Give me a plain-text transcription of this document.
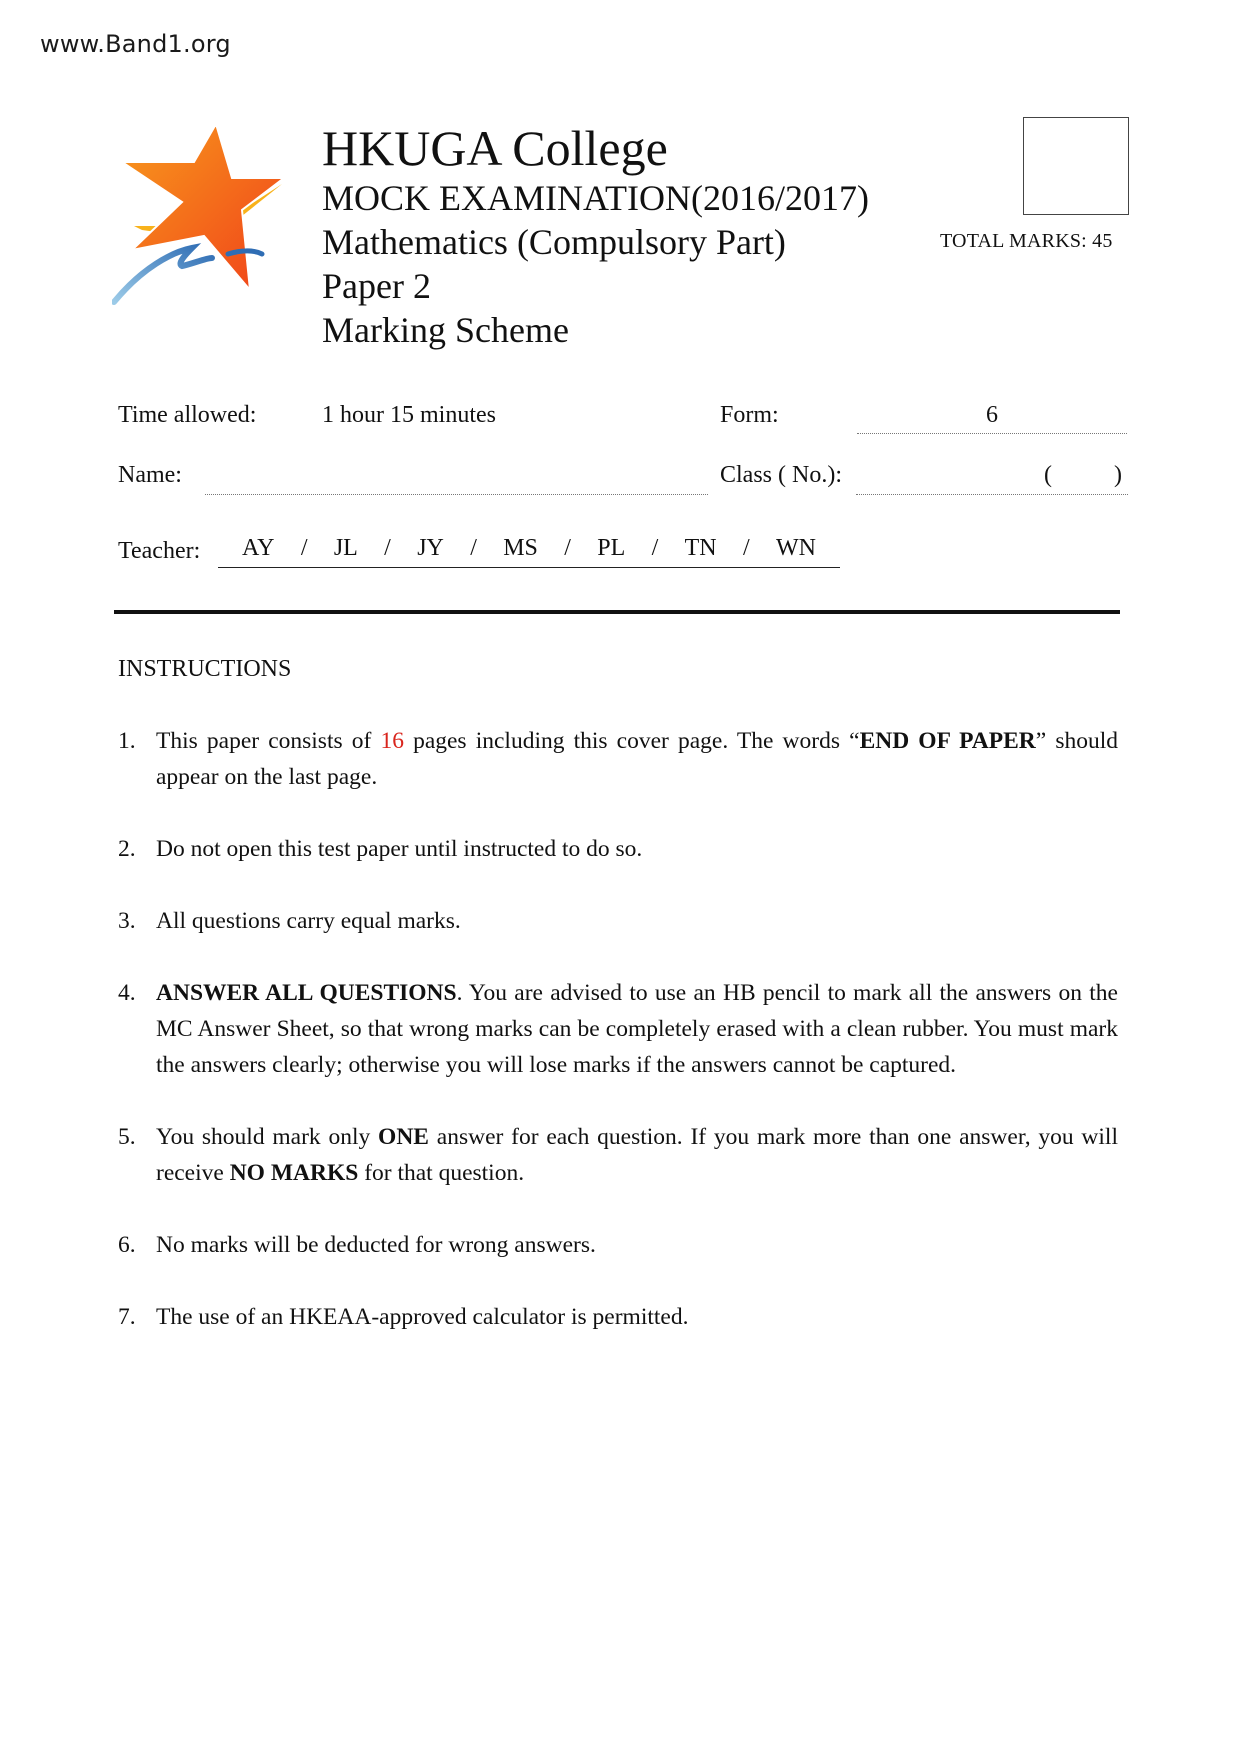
www.Band1.org
HKUGA College
MOCK EXAMINATION(2016/2017)
Mathematics (Compulsory Part)
Paper 2
Marking Scheme
TOTAL MARKS: 45
Time allowed:	1 hour 15 minutes	Form:	6
Name:	Class ( No.):	(	)
Teacher: AY / JL / JY / MS / PL / TN / WN
INSTRUCTIONS
1. This paper consists of 16 pages including this cover page. The words “END OF PAPER” should appear on the last page.
2. Do not open this test paper until instructed to do so.
3. All questions carry equal marks.
4. ANSWER ALL QUESTIONS. You are advised to use an HB pencil to mark all the answers on the MC Answer Sheet, so that wrong marks can be completely erased with a clean rubber. You must mark the answers clearly; otherwise you will lose marks if the answers cannot be captured.
5. You should mark only ONE answer for each question. If you mark more than one answer, you will receive NO MARKS for that question.
6. No marks will be deducted for wrong answers.
7. The use of an HKEAA-approved calculator is permitted.
